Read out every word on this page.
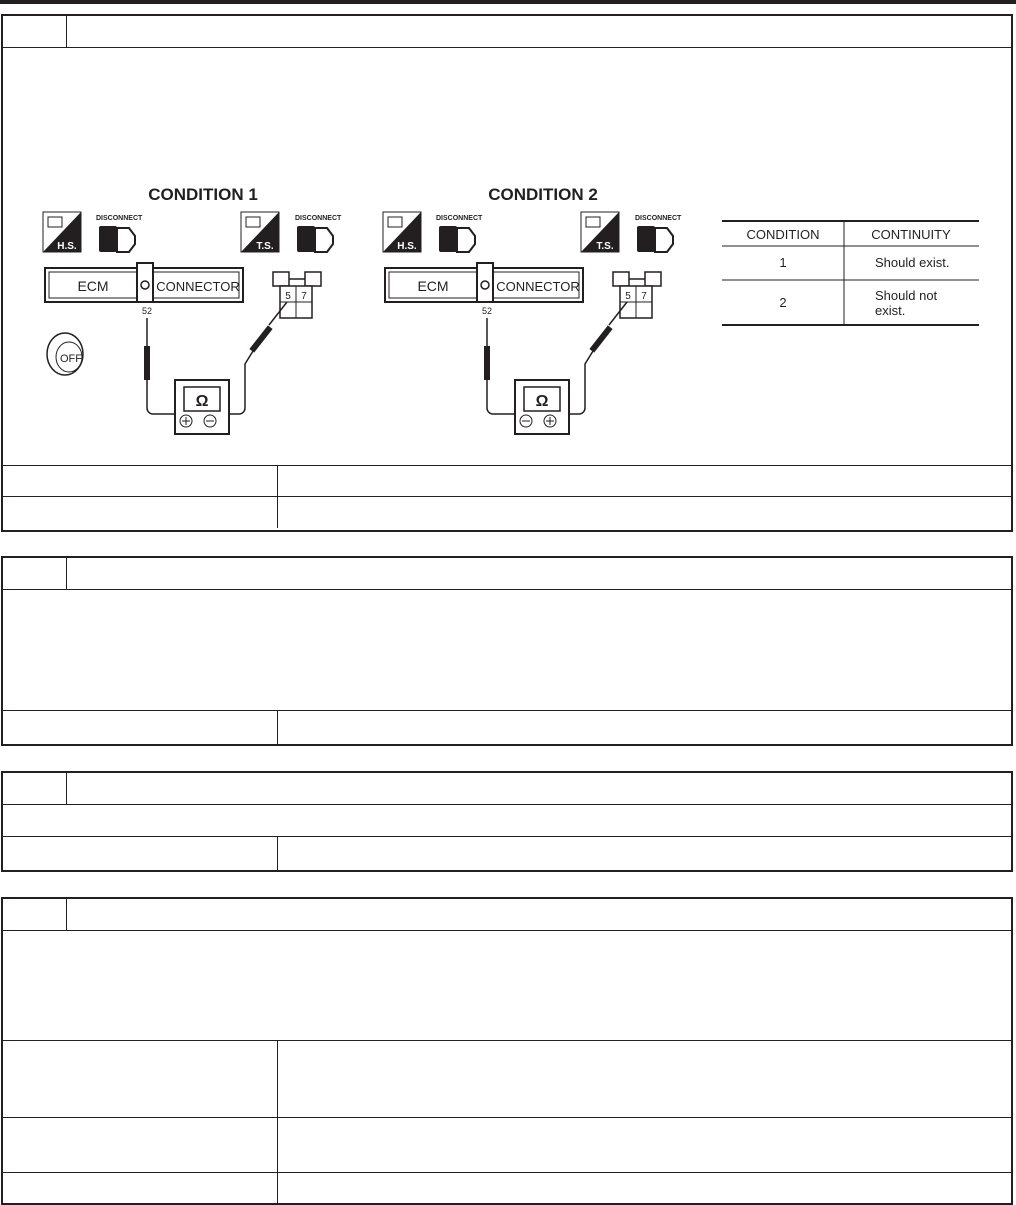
CONDITION 1
H.S.
DISCONNECT
T.S.
DISCONNECT
ECM	CONNECTOR
52
5 7
OFF
Ω
CONDITION 2
H.S.
DISCONNECT
T.S.
DISCONNECT
ECM	CONNECTOR
52
5 7
Ω
CONDITION	CONTINUITY
1	Should exist.
2	Should not
exist.
